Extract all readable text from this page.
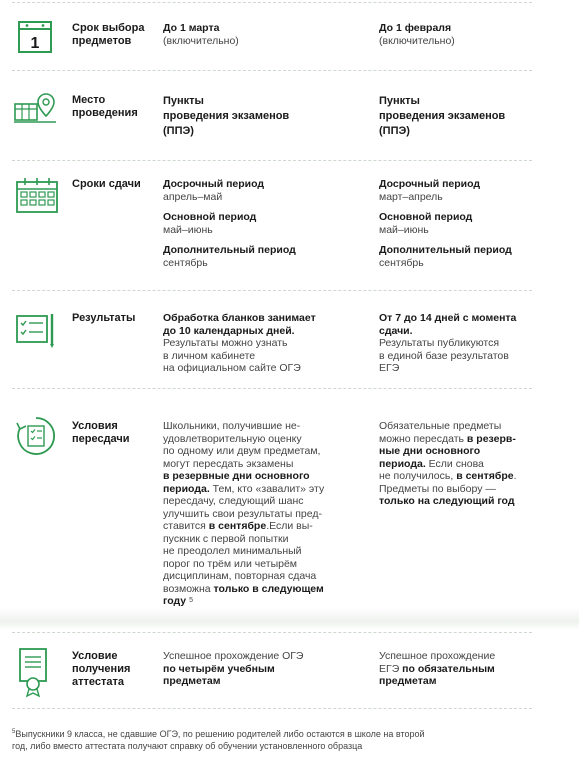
1
Срок выбора предметов
До 1 марта
(включительно)
До 1 февраля
(включительно)
Место проведения
Пункты
проведения экзаменов
(ППЭ)
Пункты
проведения экзаменов
(ППЭ)
Сроки сдачи	Досрочный период
апрель–май
Основной период
май–июнь
Дополнительный период
сентябрь
Досрочный период
март–апрель
Основной период
май–июнь
Дополнительный период
сентябрь
Результаты	Обработка бланков занимает
до 10 календарных дней.
Результаты можно узнать
в личном кабинете
на официальном сайте ОГЭ
От 7 до 14 дней с момента
сдачи.
Результаты публикуются
в единой базе результатов
ЕГЭ
Условия пересдачи
Школьники, получившие не-
удовлетворительную оценку
по одному или двум предметам,
могут пересдать экзамены
в резервные дни основного
периода. Тем, кто «завалит» эту
пересдачу, следующий шанс
улучшить свои результаты пред-
ставится в сентябре.Если вы-
пускник с первой попытки
не преодолел минимальный
порог по трём или четырём
дисциплинам, повторная сдача
возможна только в следующем
году $^5$
Обязательные предметы
можно пересдать в резерв-
ные дни основного
периода. Если снова
не получилось, в сентябре.
Предметы по выбору —
только на следующий год
Условие получения аттестата
Успешное прохождение ОГЭ
по четырём учебным
предметам
Успешное прохождение
ЕГЭ по обязательным
предметам
$^5$Выпускники 9 класса, не сдавшие ОГЭ, по решению родителей либо остаются в школе на второй
год, либо вместо аттестата получают справку об обучении установленного образца
